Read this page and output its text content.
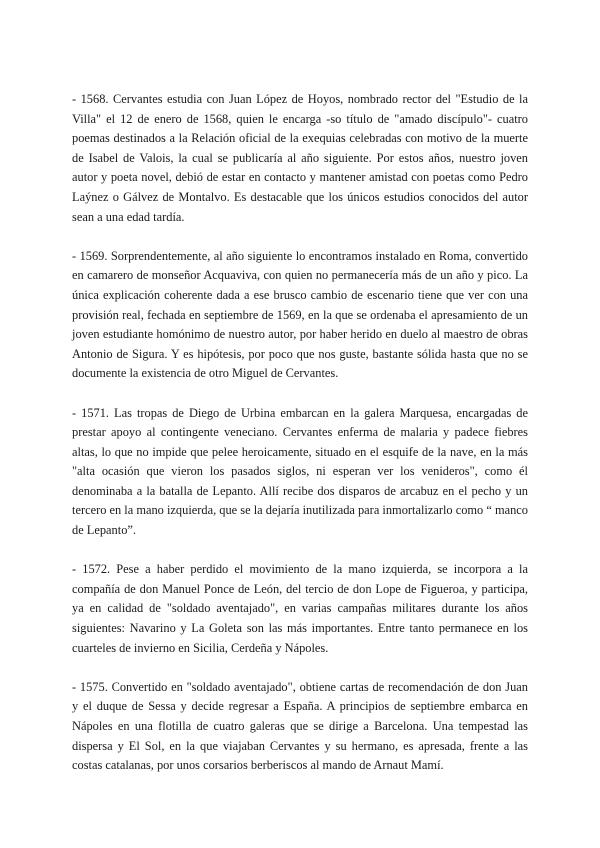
- 1568. Cervantes estudia con Juan López de Hoyos, nombrado rector del "Estudio de la Villa" el 12 de enero de 1568, quien le encarga -so título de "amado discípulo"- cuatro poemas destinados a la Relación oficial de la exequias celebradas con motivo de la muerte de Isabel de Valois, la cual se publicaría al año siguiente. Por estos años, nuestro joven autor y poeta novel, debió de estar en contacto y mantener amistad con poetas como Pedro Laýnez o Gálvez de Montalvo. Es destacable que los únicos estudios conocidos del autor sean a una edad tardía.

- 1569. Sorprendentemente, al año siguiente lo encontramos instalado en Roma, convertido en camarero de monseñor Acquaviva, con quien no permanecería más de un año y pico. La única explicación coherente dada a ese brusco cambio de escenario tiene que ver con una provisión real, fechada en septiembre de 1569, en la que se ordenaba el apresamiento de un joven estudiante homónimo de nuestro autor, por haber herido en duelo al maestro de obras Antonio de Sigura. Y es hipótesis, por poco que nos guste, bastante sólida hasta que no se documente la existencia de otro Miguel de Cervantes.

- 1571. Las tropas de Diego de Urbina embarcan en la galera Marquesa, encargadas de prestar apoyo al contingente veneciano. Cervantes enferma de malaria y padece fiebres altas, lo que no impide que pelee heroicamente, situado en el esquife de la nave, en la más "alta ocasión que vieron los pasados siglos, ni esperan ver los venideros", como él denominaba a la batalla de Lepanto. Allí recibe dos disparos de arcabuz en el pecho y un tercero en la mano izquierda, que se la dejaría inutilizada para inmortalizarlo como “ manco de Lepanto”.

- 1572. Pese a haber perdido el movimiento de la mano izquierda, se incorpora a la compañía de don Manuel Ponce de León, del tercio de don Lope de Figueroa, y participa, ya en calidad de "soldado aventajado", en varias campañas militares durante los años siguientes: Navarino y La Goleta son las más importantes. Entre tanto permanece en los cuarteles de invierno en Sicilia, Cerdeña y Nápoles.

- 1575. Convertido en "soldado aventajado", obtiene cartas de recomendación de don Juan y el duque de Sessa y decide regresar a España. A principios de septiembre embarca en Nápoles en una flotilla de cuatro galeras que se dirige a Barcelona. Una tempestad las dispersa y El Sol, en la que viajaban Cervantes y su hermano, es apresada, frente a las costas catalanas, por unos corsarios berberiscos al mando de Arnaut Mamí.
